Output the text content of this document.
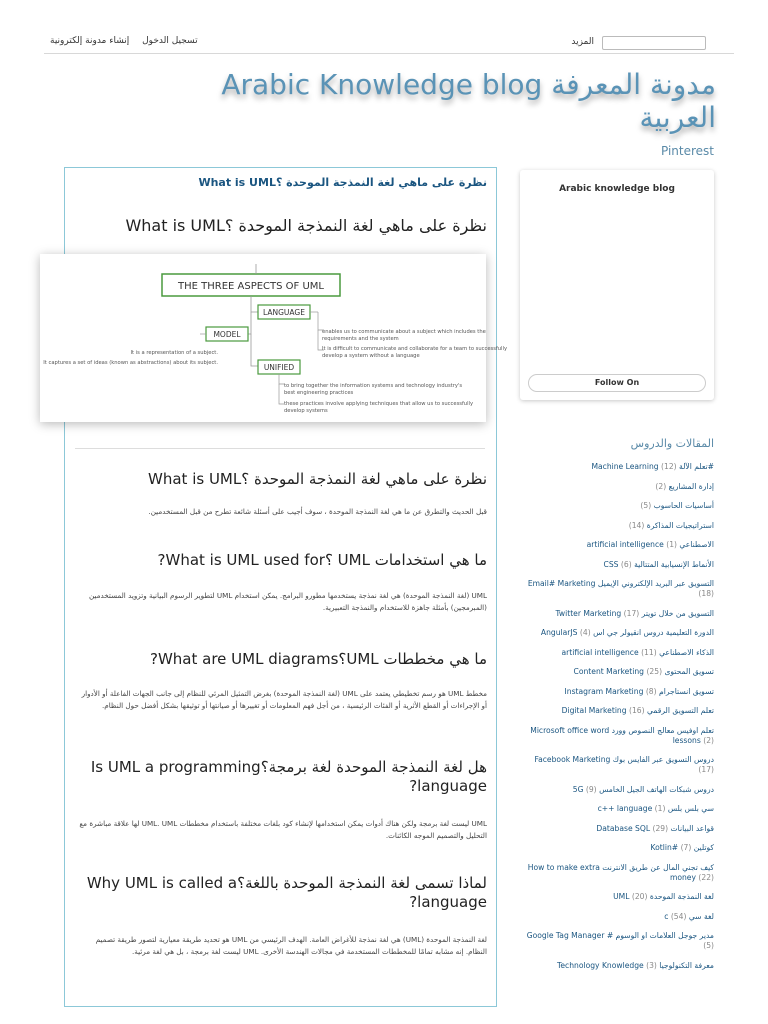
تسجيل الدخول إنشاء مدونة إلكترونية	المزيد
Arabic Knowledge blog مدونة المعرفة العربية
Pinterest
Arabic knowledge blog
Follow On
المقالات والدروس
#تعلم الآلة Machine Learning (12)
إدارة المشاريع (2)
أساسيات الحاسوب (5)
استراتيجيات المذاكرة (14)
الاصطناعي artificial intelligence (1)
الأنماط الإنسيابية المتتالية CSS (6)
التسويق عبر البريد الإلكتروني الإيميل Email# Marketing (18)
التسويق من خلال تويتر Twitter Marketing (17)
الدورة التعليمية دروس انقيولر جي اس AngularJS (4)
الذكاء الاصطناعي artificial intelligence (11)
تسويق المحتوى Content Marketing (25)
تسويق انستاجرام Instagram Marketing (8)
تعلم التسويق الرقمي Digital Marketing (16)
تعلم اوفيس معالج النصوص وورد Microsoft office word lessons (2)
دروس التسويق عبر الفايس بوك Facebook Marketing (17)
دروس شبكات الهاتف الجيل الخامس 5G (9)
سي بلس بلس c++ language (1)
قواعد البيانات Database SQL (29)
كوتلين Kotlin# (7)
كيف تجني المال عن طريق الانترنت How to make extra money (22)
لغة النمذجة الموحدة UML (20)
لغة سي c (54)
مدير جوجل العلامات او الوسوم Google Tag Manager # (5)
معرفة التكنولوجيا Technology Knowledge (3)
نظرة على ماهي لغة النمذجة الموحدة ؟What is UML
نظرة على ماهي لغة النمذجة الموحدة ؟What is UML
نظرة على ماهي لغة النمذجة الموحدة ؟What is UML
قبل الحديث والتطرق عن ما هي لغة النمذجة الموحدة ، سوف أجيب على أسئلة شائعة تطرح من قبل المستخدمين.
ما هي استخدامات UML ؟What is UML used for?
UML (لغة النمذجة الموحدة) هي لغة نمذجة يستخدمها مطورو البرامج. يمكن استخدام UML لتطوير الرسوم البيانية وتزويد المستخدمين (المبرمجين) بأمثلة جاهزة للاستخدام والنمذجة التعبيرية.
ما هي مخططات UML؟What are UML diagrams?
مخطط UML هو رسم تخطيطي يعتمد على UML (لغة النمذجة الموحدة) بغرض التمثيل المرئي للنظام إلى جانب الجهات الفاعلة أو الأدوار أو الإجراءات أو القطع الأثرية أو الفئات الرئيسية ، من أجل فهم المعلومات أو تغييرها أو صيانتها أو توثيقها بشكل أفضل حول النظام.
هل لغة النمذجة الموحدة لغة برمجة؟Is UML a programming language?
UML ليست لغة برمجة ولكن هناك أدوات يمكن استخدامها لإنشاء كود بلغات مختلفة باستخدام مخططات UML. UML لها علاقة مباشرة مع التحليل والتصميم الموجه الكائنات.
لماذا تسمى لغة النمذجة الموحدة باللغة؟Why UML is called a language?
لغة النمذجة الموحدة (UML) هي لغة نمذجة للأغراض العامة. الهدف الرئيسي من UML هو تحديد طريقة معيارية لتصور طريقة تصميم النظام. إنه مشابه تمامًا للمخططات المستخدمة في مجالات الهندسة الأخرى. UML ليست لغة برمجة ، بل هي لغة مرئية.
THE THREE ASPECTS OF UML
LANGUAGE
enables us to communicate about a subject which includes the
requirements and the system
It is difficult to communicate and collaborate for a team to successfully
develop a system without a language
MODEL
It is a representation of a subject.
It captures a set of ideas (known as abstractions) about its subject.	UNIFIED
to bring together the information systems and technology industry's
best engineering practices
these practices involve applying techniques that allow us to successfully
develop systems
